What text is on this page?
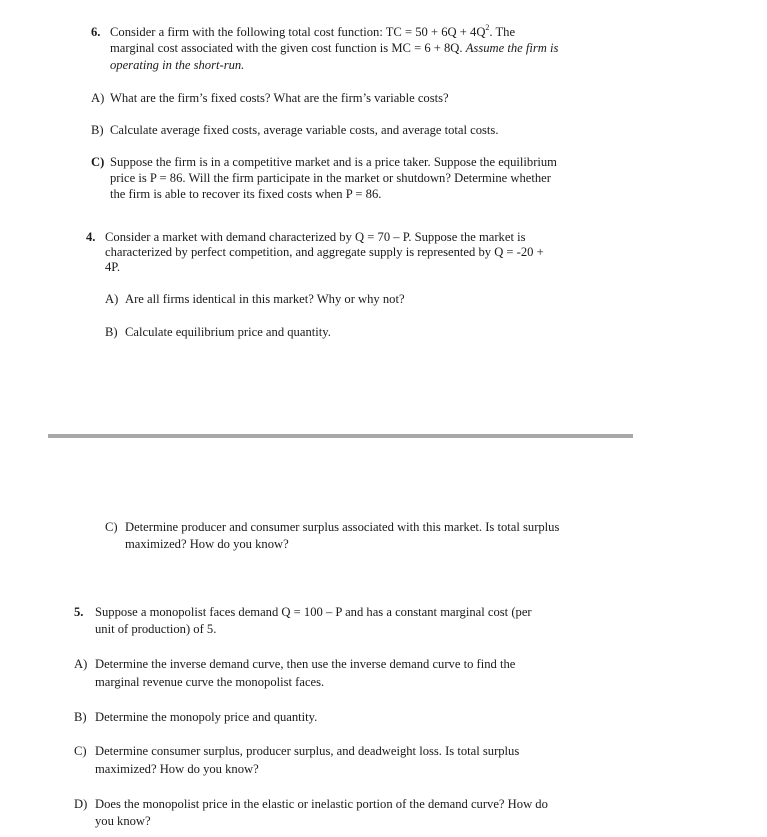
6. Consider a firm with the following total cost function: TC = $50 + 6Q + 4Q^2$. The
marginal cost associated with the given cost function is MC = 6 + 8Q. Assume the firm is
operating in the short-run.
A) What are the firm’s fixed costs? What are the firm’s variable costs?
B) Calculate average fixed costs, average variable costs, and average total costs.
C) Suppose the firm is in a competitive market and is a price taker. Suppose the equilibrium
price is P = 86. Will the firm participate in the market or shutdown? Determine whether
the firm is able to recover its fixed costs when P = 86.
4. Consider a market with demand characterized by Q = 70 – P. Suppose the market is
characterized by perfect competition, and aggregate supply is represented by Q = -20 +
4P.
A) Are all firms identical in this market? Why or why not?
B) Calculate equilibrium price and quantity.
C) Determine producer and consumer surplus associated with this market. Is total surplus
maximized? How do you know?
5. Suppose a monopolist faces demand Q = 100 – P and has a constant marginal cost (per
unit of production) of 5.
A) Determine the inverse demand curve, then use the inverse demand curve to find the
marginal revenue curve the monopolist faces.
B) Determine the monopoly price and quantity.
C) Determine consumer surplus, producer surplus, and deadweight loss. Is total surplus
maximized? How do you know?
D) Does the monopolist price in the elastic or inelastic portion of the demand curve? How do
you know?
